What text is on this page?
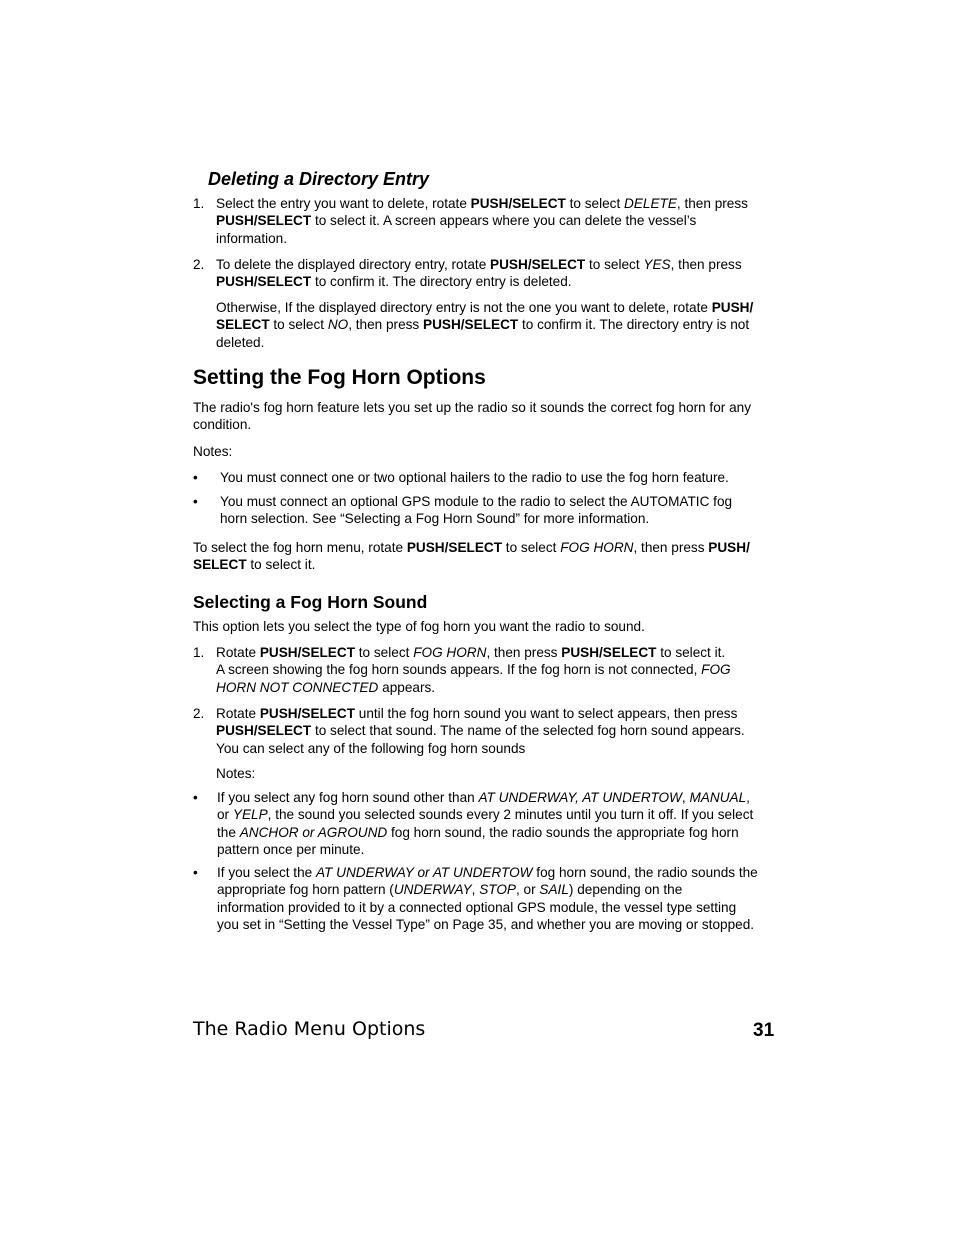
Deleting a Directory Entry
1. Select the entry you want to delete, rotate PUSH/SELECT to select DELETE, then press
PUSH/SELECT to select it. A screen appears where you can delete the vessel’s
information.
2. To delete the displayed directory entry, rotate PUSH/SELECT to select YES, then press
PUSH/SELECT to confirm it. The directory entry is deleted.
Otherwise, If the displayed directory entry is not the one you want to delete, rotate PUSH/
SELECT to select NO, then press PUSH/SELECT to confirm it. The directory entry is not
deleted.
Setting the Fog Horn Options
The radio's fog horn feature lets you set up the radio so it sounds the correct fog horn for any
condition.
Notes:
• You must connect one or two optional hailers to the radio to use the fog horn feature.
• You must connect an optional GPS module to the radio to select the AUTOMATIC fog
horn selection. See “Selecting a Fog Horn Sound” for more information.
To select the fog horn menu, rotate PUSH/SELECT to select FOG HORN, then press PUSH/
SELECT to select it.
Selecting a Fog Horn Sound
This option lets you select the type of fog horn you want the radio to sound.
1. Rotate PUSH/SELECT to select FOG HORN, then press PUSH/SELECT to select it.
A screen showing the fog horn sounds appears. If the fog horn is not connected, FOG
HORN NOT CONNECTED appears.
2. Rotate PUSH/SELECT until the fog horn sound you want to select appears, then press
PUSH/SELECT to select that sound. The name of the selected fog horn sound appears.
You can select any of the following fog horn sounds
Notes:
• If you select any fog horn sound other than AT UNDERWAY, AT UNDERTOW, MANUAL,
or YELP, the sound you selected sounds every 2 minutes until you turn it off. If you select
the ANCHOR or AGROUND fog horn sound, the radio sounds the appropriate fog horn
pattern once per minute.
• If you select the AT UNDERWAY or AT UNDERTOW fog horn sound, the radio sounds the
appropriate fog horn pattern (UNDERWAY, STOP, or SAIL) depending on the
information provided to it by a connected optional GPS module, the vessel type setting
you set in “Setting the Vessel Type” on Page 35, and whether you are moving or stopped.
The Radio Menu Options	31
